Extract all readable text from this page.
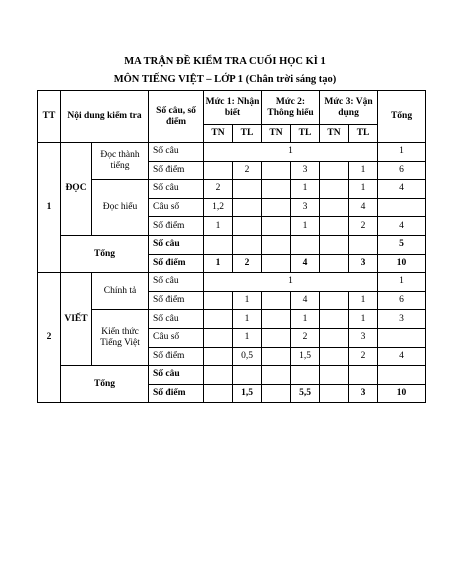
MA TRẬN ĐỀ KIỂM TRA CUỐI HỌC KÌ 1
MÔN TIẾNG VIỆT – LỚP 1 (Chân trời sáng tạo)
TT	Nội dung kiểm tra		Số câu, số điểm	Mức 1: Nhận biết		Mức 2: Thông hiểu		Mức 3: Vận dụng		Tổng
				TN	TL	TN	TL	TN	TL	
1	ĐỌC	Đọc thành tiếng	Số câu	1						1
			Số điểm		2		3		1	6
		Đọc hiểu	Số câu	2			1		1	4
			Câu số	1,2			3		4	
			Số điểm	1			1		2	4
	Tổng		Số câu							5
			Số điểm	1	2		4		3	10
2	VIẾT	Chính tả	Số câu	1						1
			Số điểm		1		4		1	6
		Kiến thức Tiếng Việt	Số câu		1		1		1	3
			Câu số		1		2		3	
			Số điểm		0,5		1,5		2	4
	Tổng		Số câu							
			Số điểm		1,5		5,5		3	10
